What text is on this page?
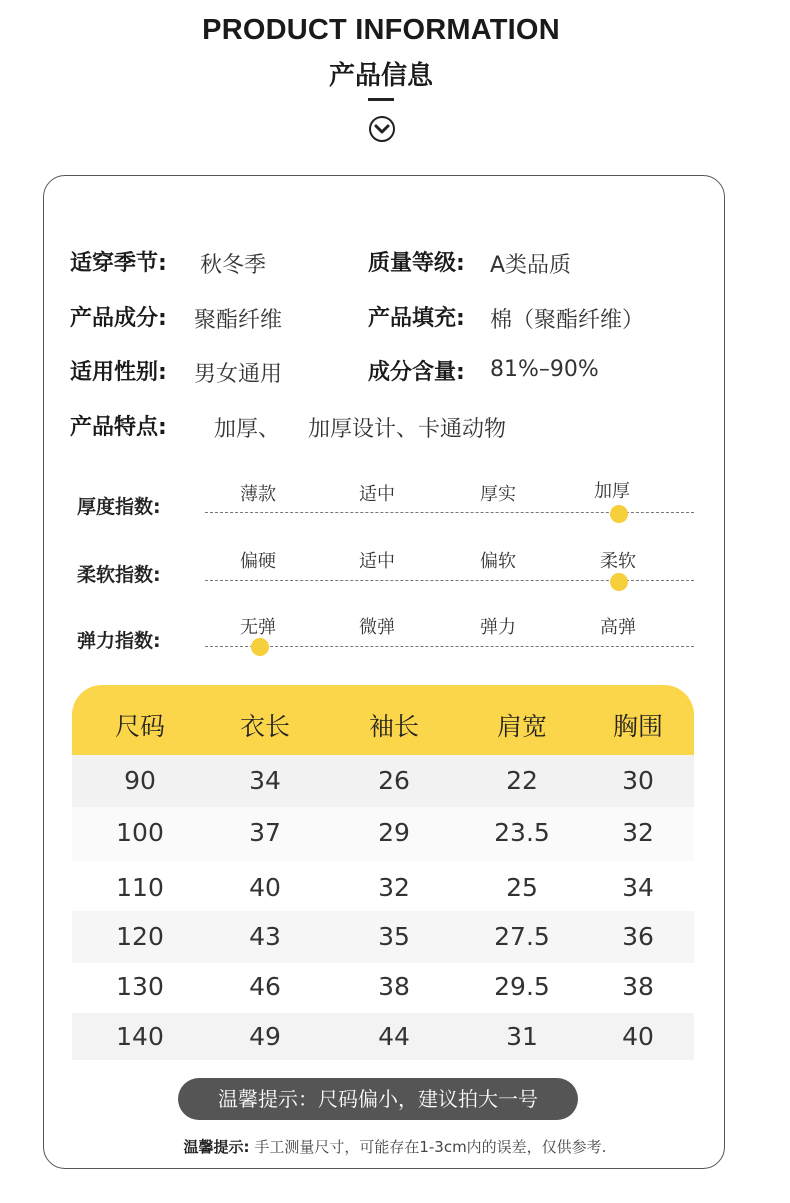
PRODUCT INFORMATION
产品信息
适穿季节: 秋冬季	质量等级: A类品质
产品成分: 聚酯纤维	产品填充: 棉（聚酯纤维）
适用性别: 男女通用	成分含量: 81%–90%
产品特点: 加厚、 加厚设计、卡通动物
厚度指数:
薄款	适中	厚实	加厚
柔软指数:
偏硬	适中	偏软	柔软
弹力指数:
无弹	微弹	弹力	高弹
尺码	衣长	袖长	肩宽	胸围
90	34	26	22	30
100	37	29	23.5	32
110	40	32	25	34
120	43	35	27.5	36
130	46	38	29.5	38
140	49	44	31	40
温馨提示：尺码偏小，建议拍大一号
温馨提示: 手工测量尺寸，可能存在1-3cm内的误差，仅供参考.
